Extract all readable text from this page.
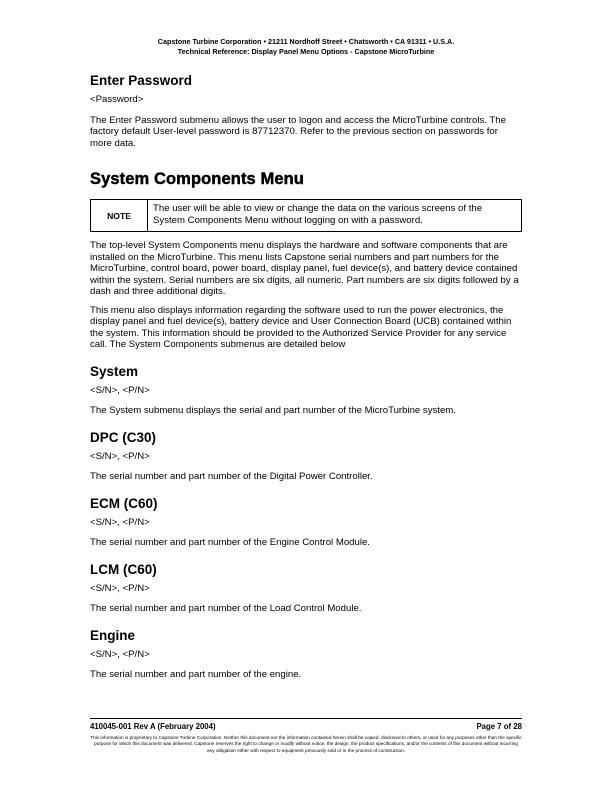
Capstone Turbine Corporation • 21211 Nordhoff Street • Chatsworth • CA 91311 • U.S.A.
Technical Reference: Display Panel Menu Options - Capstone MicroTurbine
Enter Password

<Password>

The Enter Password submenu allows the user to logon and access the MicroTurbine controls. The factory default User-level password is 87712370. Refer to the previous section on passwords for more data.

System Components Menu
NOTE
The user will be able to view or change the data on the various screens of the System Components Menu without logging on with a password.

The top-level System Components menu displays the hardware and software components that are installed on the MicroTurbine. This menu lists Capstone serial numbers and part numbers for the MicroTurbine, control board, power board, display panel, fuel device(s), and battery device contained within the system. Serial numbers are six digits, all numeric. Part numbers are six digits followed by a dash and three additional digits.

This menu also displays information regarding the software used to run the power electronics, the display panel and fuel device(s), battery device and User Connection Board (UCB) contained within the system. This information should be provided to the Authorized Service Provider for any service call. The System Components submenus are detailed below

System

<S/N>, <P/N>

The System submenu displays the serial and part number of the MicroTurbine system.

DPC (C30)

<S/N>, <P/N>

The serial number and part number of the Digital Power Controller.

ECM (C60)

<S/N>, <P/N>

The serial number and part number of the Engine Control Module.

LCM (C60)

<S/N>, <P/N>

The serial number and part number of the Load Control Module.

Engine

<S/N>, <P/N>

The serial number and part number of the engine.

410045-001 Rev A (February 2004)	Page 7 of 28
This information is proprietary to Capstone Turbine Corporation. Neither this document nor the information contained herein shall be copied, disclosed to others, or used for any purposes other than the specific purpose for which this document was delivered. Capstone reserves the right to change or modify without notice, the design, the product specifications, and/or the contents of this document without incurring any obligation either with respect to equipment previously sold or in the process of construction.
